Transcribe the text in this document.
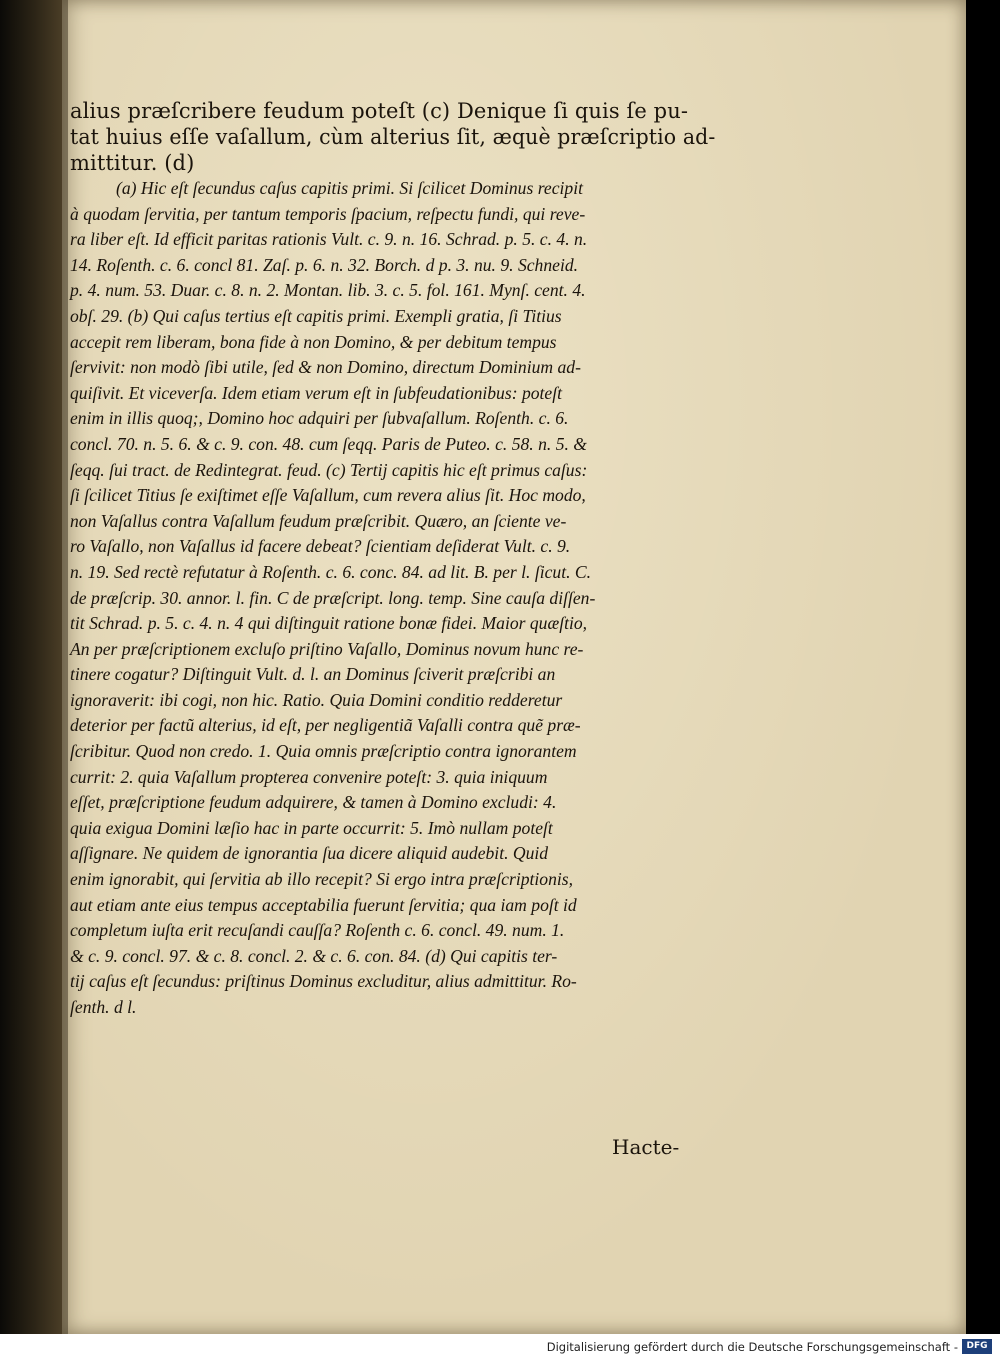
alius præſcribere feudum poteſt (c) Denique ſi quis ſe pu-
tat huius eſſe vaſallum, cùm alterius ſit, æquè præſcriptio ad-
mittitur. (d)
(a) Hic eſt ſecundus caſus capitis primi. Si ſcilicet Dominus recipit
à quodam ſervitia, per tantum temporis ſpacium, reſpectu fundi, qui reve-
ra liber eſt. Id efficit paritas rationis Vult. c. 9. n. 16. Schrad. p. 5. c. 4. n.
14. Roſenth. c. 6. concl 81. Zaſ. p. 6. n. 32. Borch. d p. 3. nu. 9. Schneid.
p. 4. num. 53. Duar. c. 8. n. 2. Montan. lib. 3. c. 5. fol. 161. Mynſ. cent. 4.
obſ. 29. (b) Qui caſus tertius eſt capitis primi. Exempli gratia, ſi Titius
accepit rem liberam, bona fide à non Domino, & per debitum tempus
ſervivit: non modò ſibi utile, ſed & non Domino, directum Dominium ad-
quiſivit. Et viceverſa. Idem etiam verum eſt in ſubfeudationibus: poteſt
enim in illis quoq;, Domino hoc adquiri per ſubvaſallum. Roſenth. c. 6.
concl. 70. n. 5. 6. & c. 9. con. 48. cum ſeqq. Paris de Puteo. c. 58. n. 5. &
ſeqq. ſui tract. de Redintegrat. feud. (c) Tertij capitis hic eſt primus caſus:
ſi ſcilicet Titius ſe exiſtimet eſſe Vaſallum, cum revera alius ſit. Hoc modo,
non Vaſallus contra Vaſallum feudum præſcribit. Quæro, an ſciente ve-
ro Vaſallo, non Vaſallus id facere debeat? ſcientiam deſiderat Vult. c. 9.
n. 19. Sed rectè refutatur à Roſenth. c. 6. conc. 84. ad lit. B. per l. ſicut. C.
de præſcrip. 30. annor. l. fin. C de præſcript. long. temp. Sine cauſa diſſen-
tit Schrad. p. 5. c. 4. n. 4 qui diſtinguit ratione bonæ fidei. Maior quæſtio,
An per præſcriptionem excluſo priſtino Vaſallo, Dominus novum hunc re-
tinere cogatur? Diſtinguit Vult. d. l. an Dominus ſciverit præſcribi an
ignoraverit: ibi cogi, non hic. Ratio. Quia Domini conditio redderetur
deterior per factũ alterius, id eſt, per negligentiã Vaſalli contra quẽ præ-
ſcribitur. Quod non credo. 1. Quia omnis præſcriptio contra ignorantem
currit: 2. quia Vaſallum propterea convenire poteſt: 3. quia iniquum
eſſet, præſcriptione feudum adquirere, & tamen à Domino excludi: 4.
quia exigua Domini læſio hac in parte occurrit: 5. Imò nullam poteſt
aſſignare. Ne quidem de ignorantia ſua dicere aliquid audebit. Quid
enim ignorabit, qui ſervitia ab illo recepit? Si ergo intra præſcriptionis,
aut etiam ante eius tempus acceptabilia fuerunt ſervitia; qua iam poſt id
completum iuſta erit recuſandi cauſſa? Roſenth c. 6. concl. 49. num. 1.
& c. 9. concl. 97. & c. 8. concl. 2. & c. 6. con. 84. (d) Qui capitis ter-
tij caſus eſt ſecundus: priſtinus Dominus excluditur, alius admittitur. Ro-
ſenth. d l.
Hacte-
Digitalisierung gefördert durch die Deutsche Forschungsgemeinschaft - DFG
